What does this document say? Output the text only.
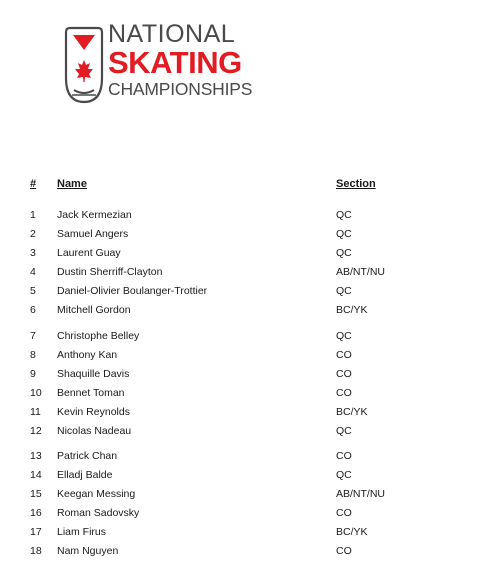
NATIONAL
SKATING
CHAMPIONSHIPS
# Name	Section
1 Jack Kermezian	QC
2 Samuel Angers	QC
3 Laurent Guay	QC
4 Dustin Sherriff-Clayton	AB/NT/NU
5 Daniel-Olivier Boulanger-Trottier	QC
6 Mitchell Gordon	BC/YK
7 Christophe Belley	QC
8 Anthony Kan	CO
9 Shaquille Davis	CO
10 Bennet Toman	CO
11 Kevin Reynolds	BC/YK
12 Nicolas Nadeau	QC
13 Patrick Chan	CO
14 Elladj Balde	QC
15 Keegan Messing	AB/NT/NU
16 Roman Sadovsky	CO
17 Liam Firus	BC/YK
18 Nam Nguyen	CO
